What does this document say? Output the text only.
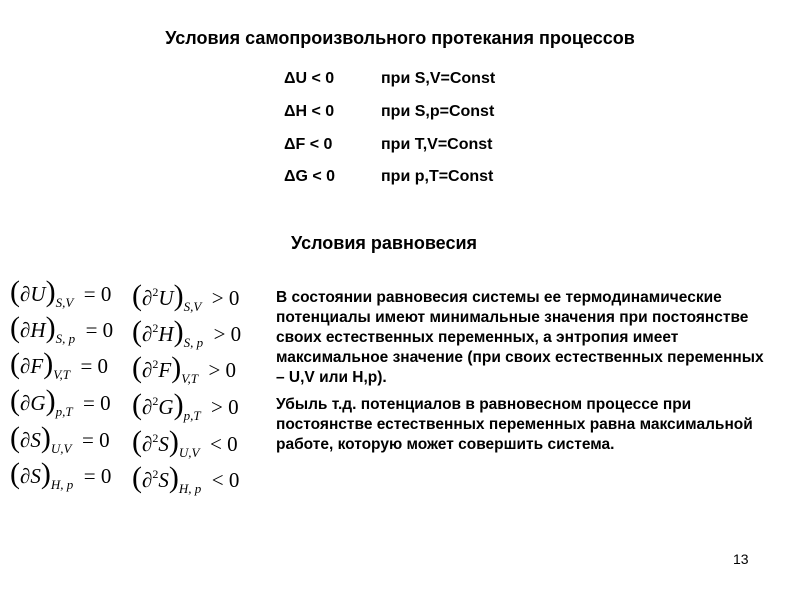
Условия самопроизвольного протекания процессов
ΔU < 0	при S,V=Const
ΔH < 0	при S,p=Const
ΔF < 0	при T,V=Const
ΔG < 0	при p,T=Const
Условия равновесия
$(\partial U)_{S,V} = 0$ $(\partial^2U)_{S,V} > 0$
$(\partial H)_{S, p} = 0$ $(\partial^2H)_{S, p} > 0$
$(\partial F)_{V,T} = 0$ $(\partial^2F)_{V,T} > 0$
$(\partial G)_{p,T} = 0$ $(\partial^2G)_{p,T} > 0$
$(\partial S)_{U,V} = 0$ $(\partial^2S)_{U,V} < 0$
$(\partial S)_{H, p} = 0$ $(\partial^2S)_{H, p} < 0$

В состоянии равновесия системы ее термодинамические потенциалы имеют минимальные значения при постоянстве своих естественных переменных, а энтропия имеет максимальное значение (при своих естественных переменных – U,V или H,p).

Убыль т.д. потенциалов в равновесном процессе при постоянстве естественных переменных равна максимальной работе, которую может совершить система.

13
